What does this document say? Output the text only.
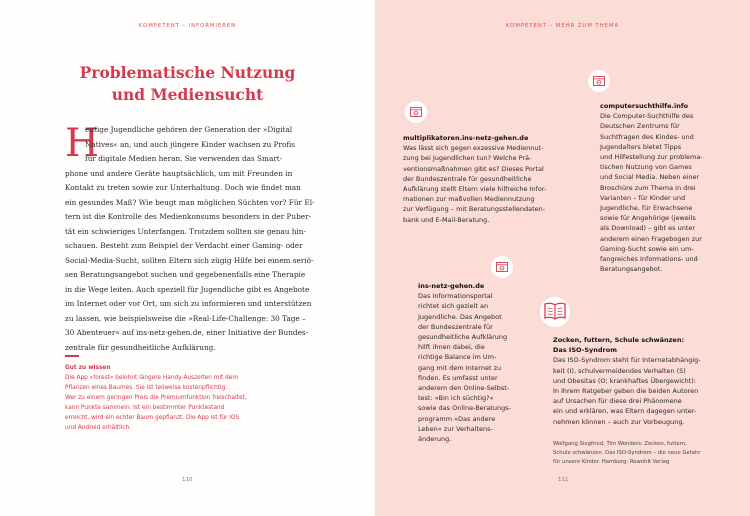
KOMPETENT – INFORMIEREN
Problematische Nutzung
und Mediensucht
H
eutige Jugendliche gehören der Generation der »Digital
Natives« an, und auch jüngere Kinder wachsen zu Profis
für digitale Medien heran. Sie verwenden das Smart-
phone und andere Geräte hauptsächlich, um mit Freunden in
Kontakt zu treten sowie zur Unterhaltung. Doch wie findet man
ein gesundes Maß? Wie beugt man möglichen Süchten vor? Für El-
tern ist die Kontrolle des Medienkonsums besonders in der Puber-
tät ein schwieriges Unterfangen. Trotzdem sollten sie genau hin-
schauen. Besteht zum Beispiel der Verdacht einer Gaming- oder
Social-Media-Sucht, sollten Eltern sich zügig Hilfe bei einem seriö-
sen Beratungsangebot suchen und gegebenenfalls eine Therapie
in die Wege leiten. Auch speziell für Jugendliche gibt es Angebote
im Internet oder vor Ort, um sich zu informieren und unterstützen
zu lassen, wie beispielsweise die »Real-Life-Challenge: 30 Tage –
30 Abenteuer« auf ins-netz-gehen.de, einer Initiative der Bundes-
zentrale für gesundheitliche Aufklärung.
Gut zu wissen
Die App »forest« belohnt längere Handy-Auszeiten mit dem
Pflanzen eines Baumes. Sie ist teilweise kostenpflichtig.
Wer zu einem geringen Preis die Premiumfunktion freischaltet,
kann Punkte sammeln. Ist ein bestimmter Punktestand
erreicht, wird ein echter Baum gepflanzt. Die App ist für iOS
und Android erhältlich.
110
KOMPETENT – MEHR ZUM THEMA
111
multiplikatoren.ins-netz-gehen.de
Was lässt sich gegen exzessive Mediennut-
zung bei Jugendlichen tun? Welche Prä-
ventionsmaßnahmen gibt es? Dieses Portal
der Bundeszentrale für gesundheitliche
Aufklärung stellt Eltern viele hilfreiche Infor-
mationen zur maßvollen Mediennutzung
zur Verfügung – mit Beratungsstellendaten-
bank und E-Mail-Beratung.
computersuchthilfe.info
Die Computer-Suchthilfe des
Deutschen Zentrums für
Suchtfragen des Kindes- und
Jugendalters bietet Tipps
und Hilfestellung zur problema-
tischen Nutzung von Games
und Social Media. Neben einer
Broschüre zum Thema in drei
Varianten – für Kinder und
Jugendliche, für Erwachsene
sowie für Angehörige (jeweils
als Download) – gibt es unter
anderem einen Fragebogen zur
Gaming-Sucht sowie ein um-
fangreiches Informations- und
Beratungsangebot.
ins-netz-gehen.de
Das Informationsportal
richtet sich gezielt an
Jugendliche. Das Angebot
der Bundeszentrale für
gesundheitliche Aufklärung
hilft ihnen dabei, die
richtige Balance im Um-
gang mit dem Internet zu
finden. Es umfasst unter
anderem den Online-Selbst-
test: »Bin ich süchtig?«
sowie das Online-Beratungs-
programm »Das andere
Leben« zur Verhaltens-
änderung.
Zocken, futtern, Schule schwänzen:
Das ISO-Syndrom
Das ISO-Syndrom steht für Internetabhängig-
keit (I), schulvermeidendes Verhalten (S)
und Obesitas (O; krankhaftes Übergewicht):
In ihrem Ratgeber geben die beiden Autoren
auf Ursachen für diese drei Phänomene
ein und erklären, was Eltern dagegen unter-
nehmen können – auch zur Vorbeugung.
Wolfgang Siegfried, Tim Wonders: Zocken, futtern,
Schule schwänzen. Das ISO-Syndrom – die neue Gefahr
für unsere Kinder. Hamburg: Rowohlt Verlag
